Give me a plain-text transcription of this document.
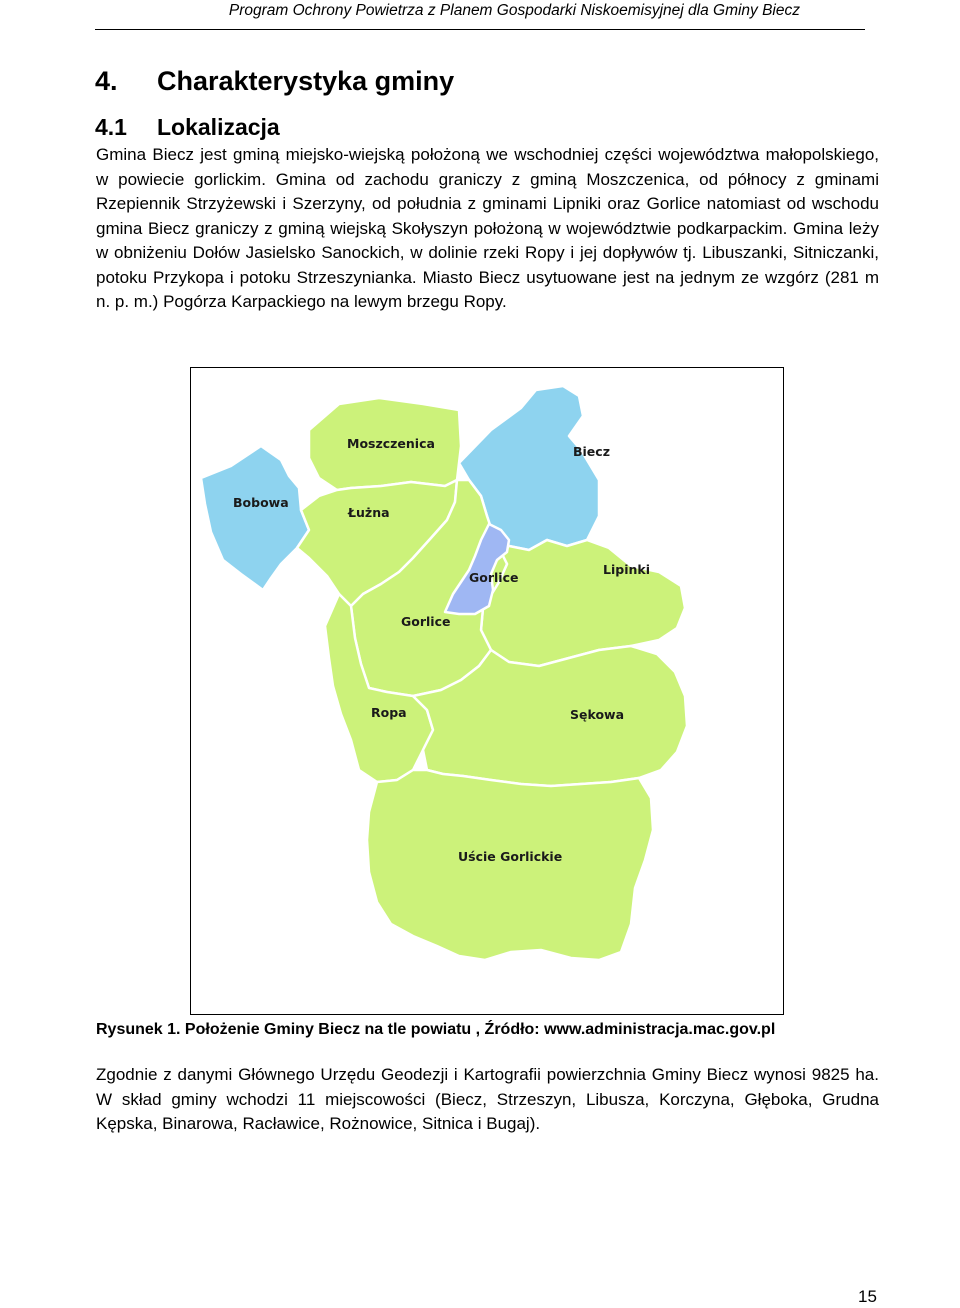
Program Ochrony Powietrza z Planem Gospodarki Niskoemisyjnej dla Gminy Biecz
4. Charakterystyka gminy
4.1 Lokalizacja
Gmina Biecz jest gminą miejsko-wiejską położoną we wschodniej części województwa małopolskiego, w powiecie gorlickim. Gmina od zachodu graniczy z gminą Moszczenica, od północy z gminami Rzepiennik Strzyżewski i Szerzyny, od południa z gminami Lipniki oraz Gorlice natomiast od wschodu gmina Biecz graniczy z gminą wiejską Skołyszyn położoną w województwie podkarpackim. Gmina leży w obniżeniu Dołów Jasielsko Sanockich, w dolinie rzeki Ropy i jej dopływów tj. Libuszanki, Sitniczanki, potoku Przykopa i potoku Strzeszynianka. Miasto Biecz usytuowane jest na jednym ze wzgórz (281 m n. p. m.) Pogórza Karpackiego na lewym brzegu Ropy.
Moszczenica
Biecz
Bobowa
Łużna
Gorlice
Lipinki
Gorlice
Ropa	Sękowa
Uście Gorlickie
Rysunek 1. Położenie Gminy Biecz na tle powiatu , Źródło: www.administracja.mac.gov.pl
Zgodnie z danymi Głównego Urzędu Geodezji i Kartografii powierzchnia Gminy Biecz wynosi 9825 ha. W skład gminy wchodzi 11 miejscowości (Biecz, Strzeszyn, Libusza, Korczyna, Głęboka, Grudna Kępska, Binarowa, Racławice, Rożnowice, Sitnica i Bugaj).
15
